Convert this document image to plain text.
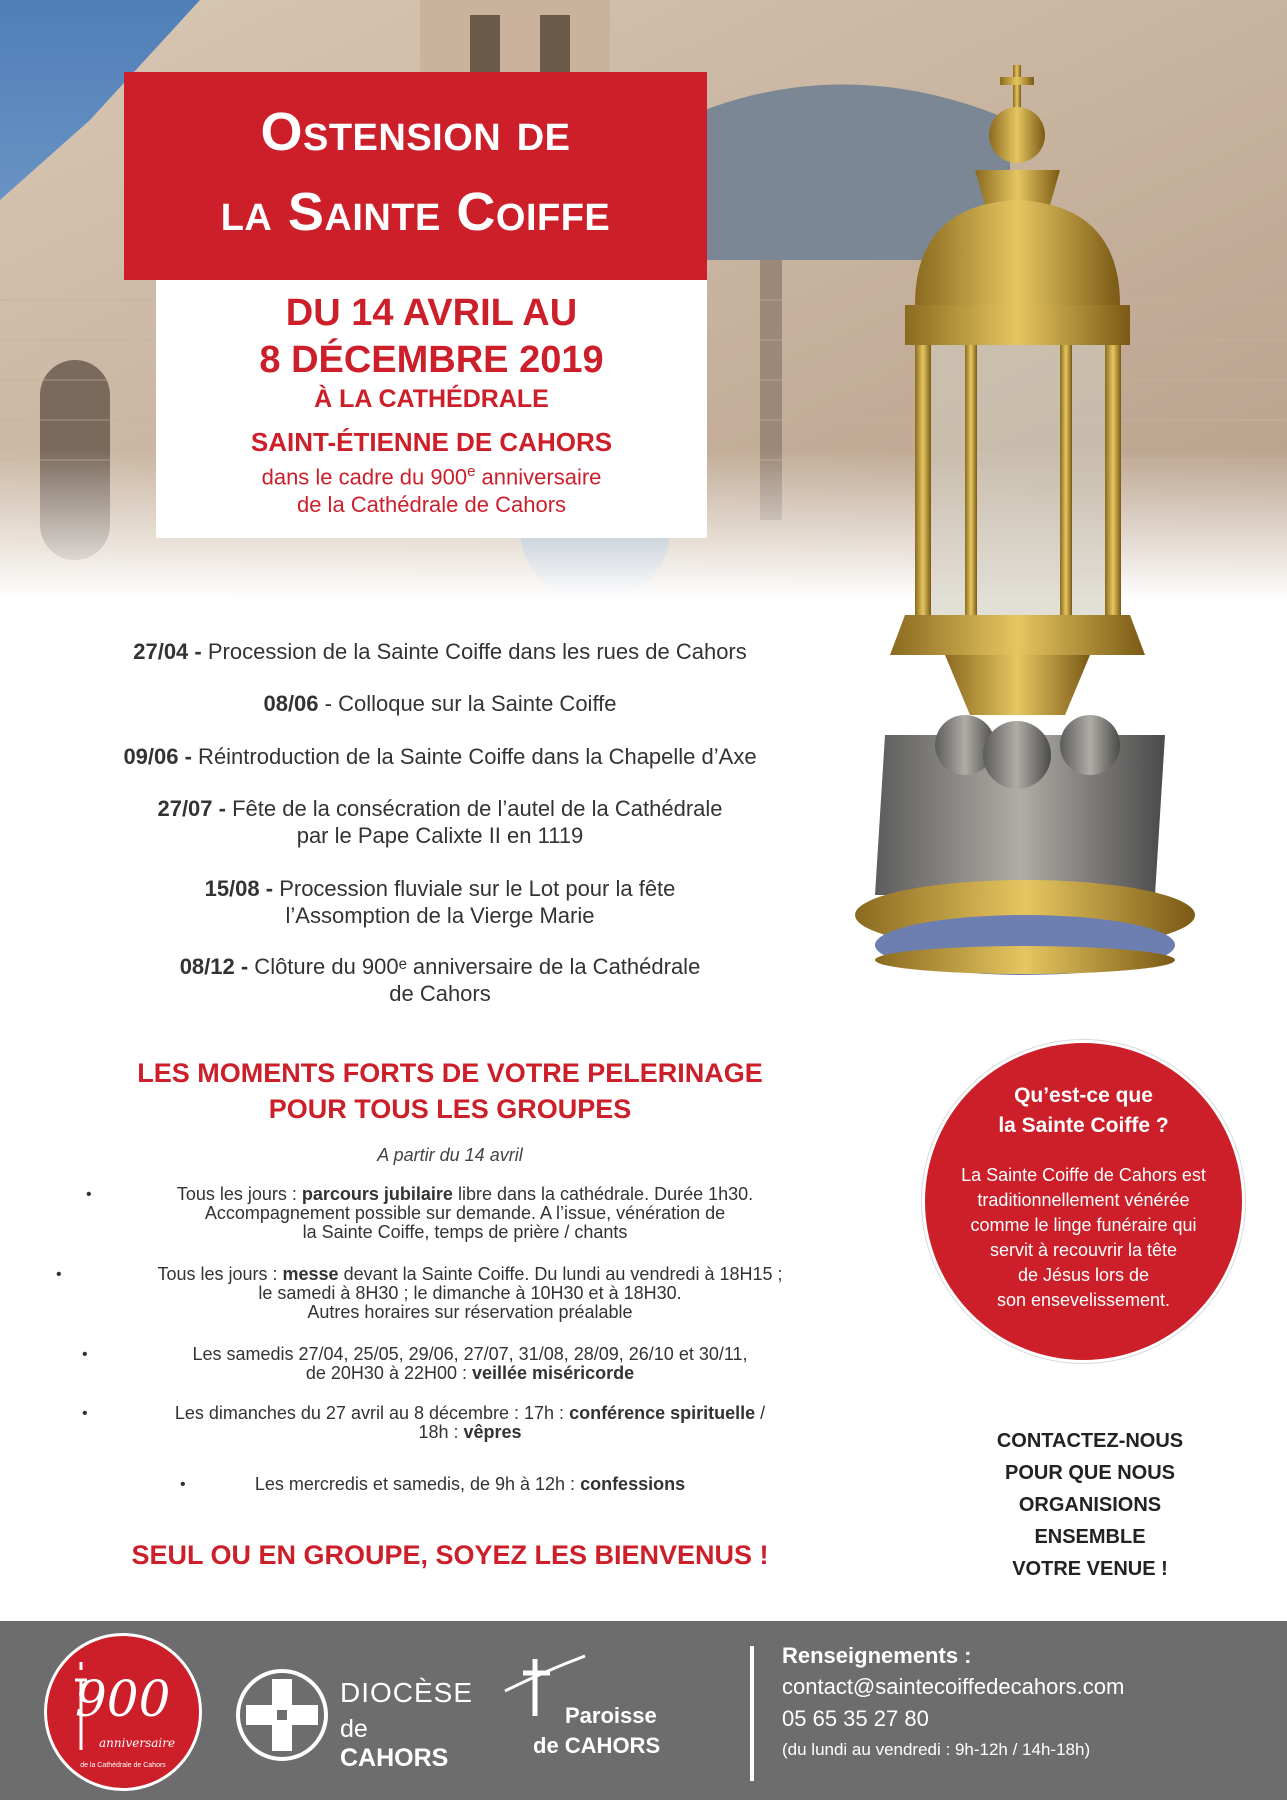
Ostension de
la Sainte Coiffe
DU 14 AVRIL AU
8 DÉCEMBRE 2019
À LA CATHÉDRALE
SAINT-ÉTIENNE DE CAHORS
dans le cadre du 900e anniversaire
de la Cathédrale de Cahors
27/04 - Procession de la Sainte Coiffe dans les rues de Cahors
08/06 - Colloque sur la Sainte Coiffe
09/06 - Réintroduction de la Sainte Coiffe dans la Chapelle d’Axe
27/07 - Fête de la consécration de l’autel de la Cathédrale
par le Pape Calixte II en 1119
15/08 - Procession fluviale sur le Lot pour la fête
l’Assomption de la Vierge Marie
08/12 - Clôture du 900ᵉ anniversaire de la Cathédrale
de Cahors
LES MOMENTS FORTS DE VOTRE PELERINAGE
POUR TOUS LES GROUPES
A partir du 14 avril
•	Tous les jours : parcours jubilaire libre dans la cathédrale. Durée 1h30.
Accompagnement possible sur demande. A l’issue, vénération de
la Sainte Coiffe, temps de prière / chants
•	Tous les jours : messe devant la Sainte Coiffe. Du lundi au vendredi à 18H15 ;
le samedi à 8H30 ; le dimanche à 10H30 et à 18H30.
Autres horaires sur réservation préalable
•	Les samedis 27/04, 25/05, 29/06, 27/07, 31/08, 28/09, 26/10 et 30/11,
de 20H30 à 22H00 : veillée miséricorde
•	Les dimanches du 27 avril au 8 décembre : 17h : conférence spirituelle /
18h : vêpres
•	Les mercredis et samedis, de 9h à 12h : confessions
SEUL OU EN GROUPE, SOYEZ LES BIENVENUS !
Qu’est-ce que
la Sainte Coiffe ?
La Sainte Coiffe de Cahors est
traditionnellement vénérée
comme le linge funéraire qui
servit à recouvrir la tête
de Jésus lors de
son ensevelissement.
CONTACTEZ-NOUS
POUR QUE NOUS
ORGANISIONS
ENSEMBLE
VOTRE VENUE !
900
anniversaire
de la Cathédrale de Cahors
DIOCÈSE
de CAHORS
Paroisse
de CAHORS
Renseignements :
contact@saintecoiffedecahors.com
05 65 35 27 80
(du lundi au vendredi : 9h-12h / 14h-18h)
